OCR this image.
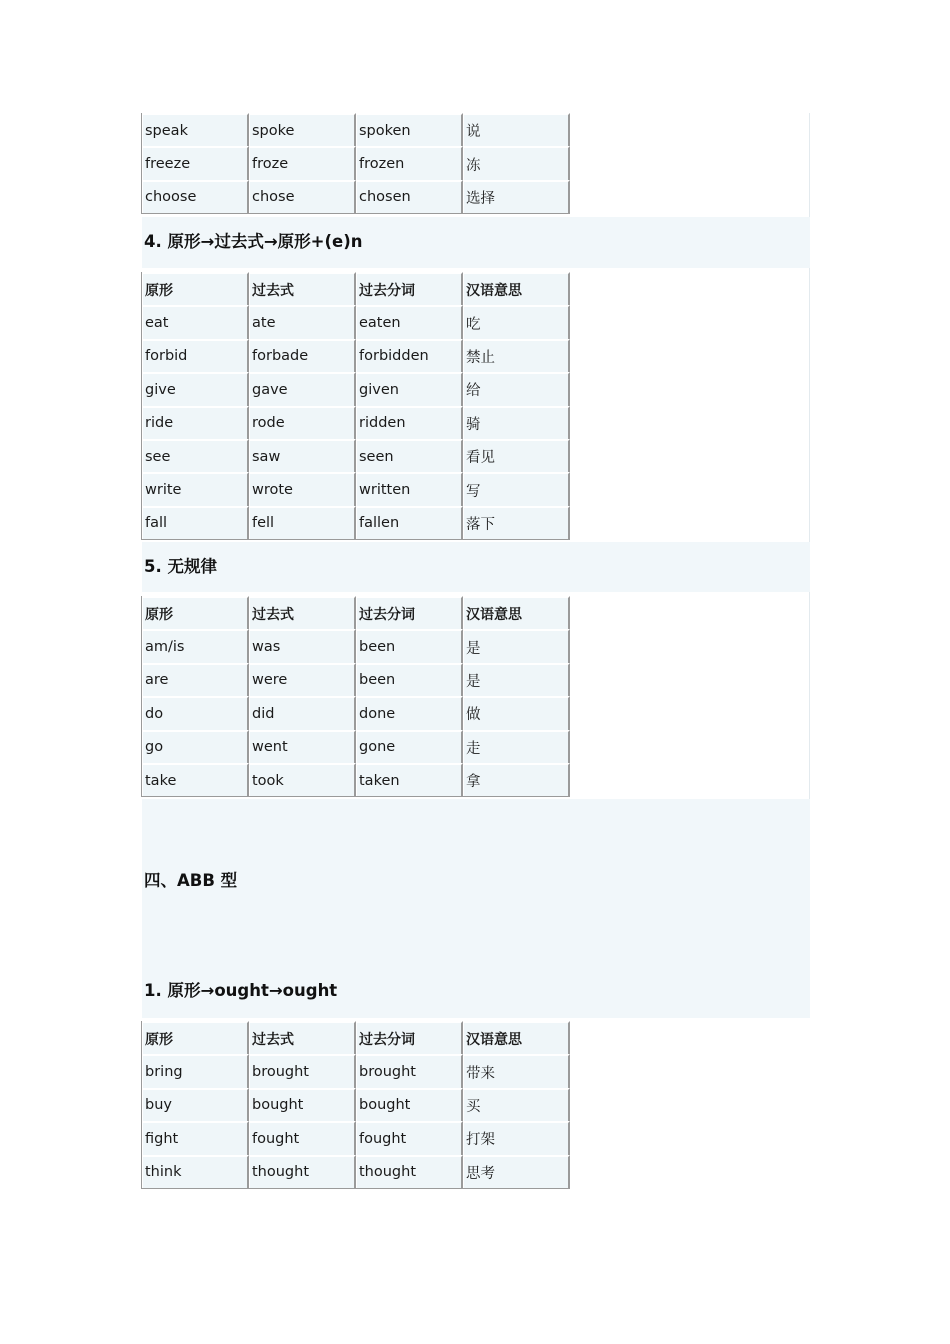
speak	spoke	spoken	说
freeze	froze	frozen	冻
choose	chose	chosen	选择
4. 原形→过去式→原形+(e)n
原形	过去式	过去分词	汉语意思
eat	ate	eaten	吃
forbid	forbade	forbidden	禁止
give	gave	given	给
ride	rode	ridden	骑
see	saw	seen	看见
write	wrote	written	写
fall	fell	fallen	落下
5. 无规律
原形	过去式	过去分词	汉语意思
am/is	was	been	是
are	were	been	是
do	did	done	做
go	went	gone	走
take	took	taken	拿
四、ABB 型
1. 原形→ought→ought
原形	过去式	过去分词	汉语意思
bring	brought	brought	带来
buy	bought	bought	买
fight	fought	fought	打架
think	thought	thought	思考
